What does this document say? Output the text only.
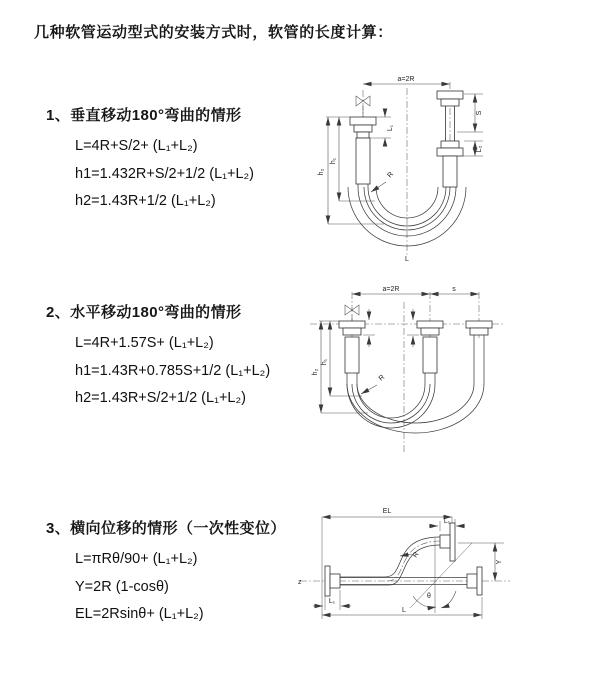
几种软管运动型式的安装方式时，软管的长度计算：
1、垂直移动180°弯曲的情形
L=4R+S/2+ (L₁+L₂)
h1=1.432R+S/2+1/2 (L₁+L₂)
h2=1.43R+1/2 (L₁+L₂)
2、水平移动180°弯曲的情形
L=4R+1.57S+ (L₁+L₂)
h1=1.43R+0.785S+1/2 (L₁+L₂)
h2=1.43R+S/2+1/2 (L₁+L₂)
3、横向位移的情形（一次性变位）
L=πRθ/90+ (L₁+L₂)
Y=2R (1-cosθ)
EL=2Rsinθ+ (L₁+L₂)
a=2R
h₂
h₁
L₁
S
L₂
R
L
a=2R	s
h₂
h₁
R
EL
L₁
Y
L
L₁
R
θ
z
